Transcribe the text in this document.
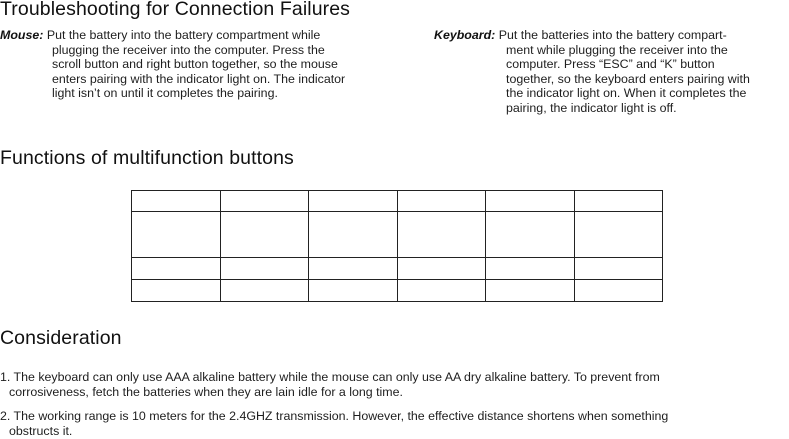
Troubleshooting for Connection Failures
Mouse: Put the battery into the battery compartment while
plugging the receiver into the computer. Press the
scroll button and right button together, so the mouse
enters pairing with the indicator light on. The indicator
light isn’t on until it completes the pairing.
Keyboard: Put the batteries into the battery compart-
ment while plugging the receiver into the
computer. Press “ESC” and “K” button
together, so the keyboard enters pairing with
the indicator light on. When it completes the
pairing, the indicator light is off.
Functions of multifunction buttons

Consideration
1. The keyboard can only use AAA alkaline battery while the mouse can only use AA dry alkaline battery. To prevent from
corrosiveness, fetch the batteries when they are lain idle for a long time.
2. The working range is 10 meters for the 2.4GHZ transmission. However, the effective distance shortens when something
obstructs it.
